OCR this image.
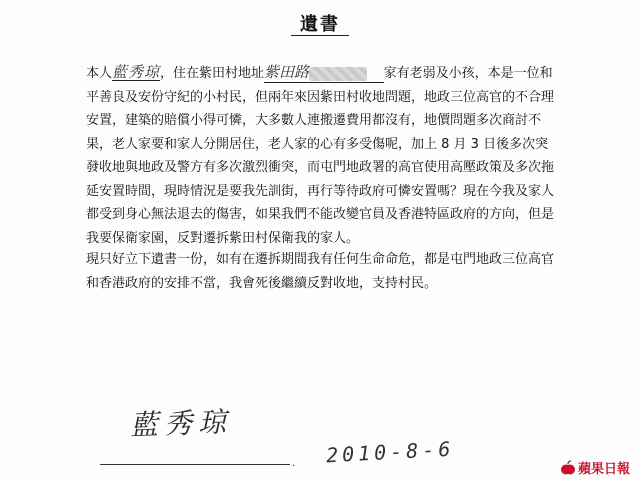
遺書
本人藍秀琼，住在紫田村地址紫田路	家有老弱及小孩，本是一位和平善良及安份守紀的小村民，但兩年來因紫田村收地問題，地政三位高官的不合理安置，建築的賠償小得可憐，大多數人連搬遷費用都沒有，地價問題多次商討不果，老人家要和家人分開居住，老人家的心有多受傷呢，加上 8 月 3 日後多次突發收地與地政及警方有多次激烈衝突，而屯門地政署的高官使用高壓政策及多次拖延安置時間，現時情況是要我先訓街，再行等待政府可憐安置嗎？現在今我及家人都受到身心無法退去的傷害，如果我們不能改變官員及香港特區政府的方向，但是我要保衛家園，反對遷拆紫田村保衛我的家人。
現只好立下遺書一份，如有在遷拆期間我有任何生命命危，都是屯門地政三位高官和香港政府的安排不當，我會死後繼續反對收地，支持村民。
藍秀琼
. 2010-8-6
蘋果日報
